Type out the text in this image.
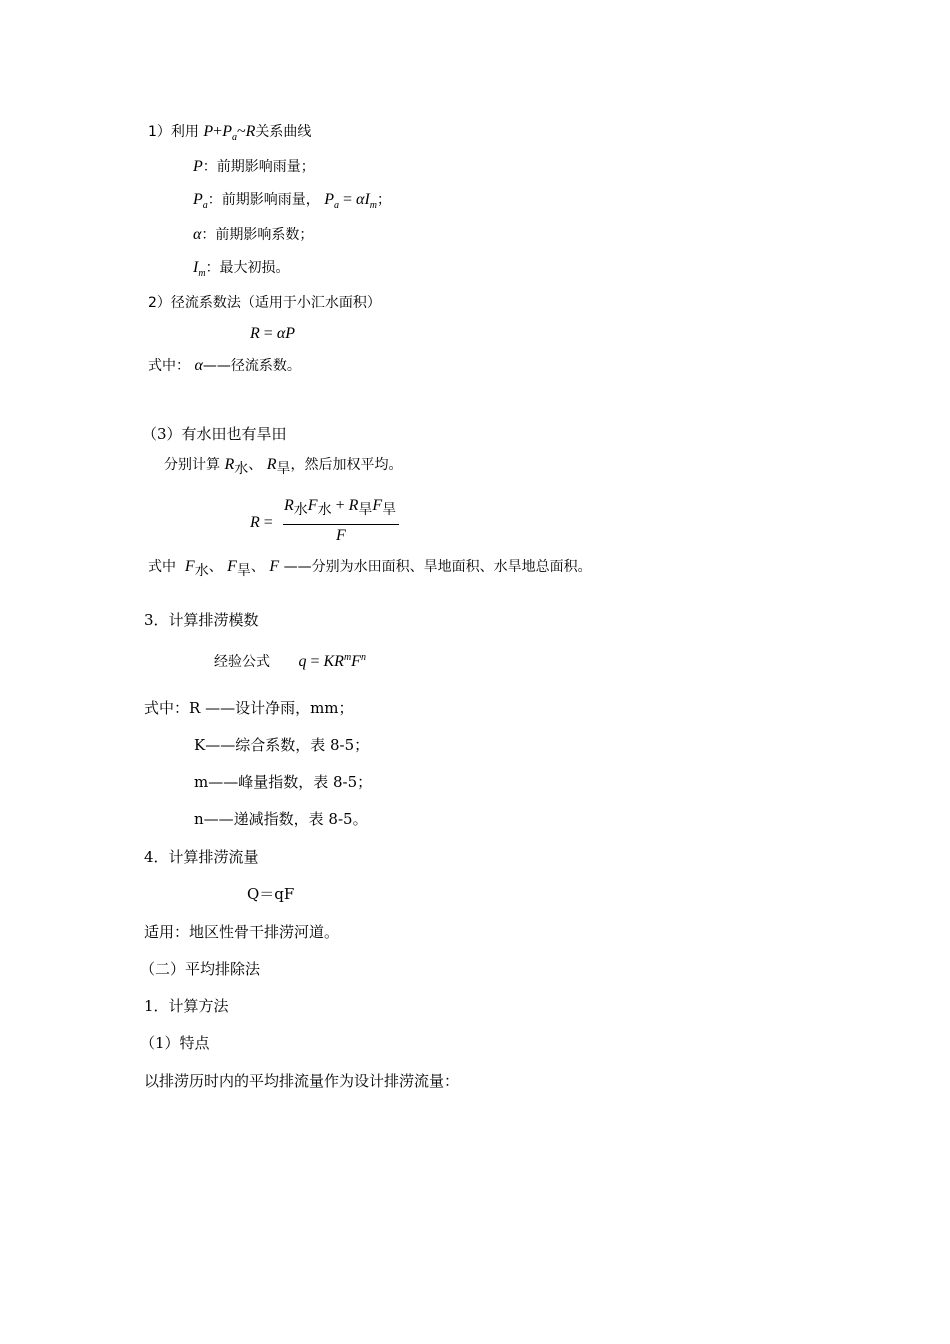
1）利用 $P+P_a\sim R$关系曲线
P：前期影响雨量；
$P_a$：前期影响雨量， $P_a = \alpha I_m$；
α：前期影响系数；
$I_m$：最大初损。
2）径流系数法（适用于小汇水面积）
R = αP
式中： α——径流系数。
（3）有水田也有旱田
分别计算 $R_水$、 $R_旱$，然后加权平均。
R =
$R_水F_水 + R_旱F_旱$
F
式中 $F_水$、 $F_旱$、 F ——分别为水田面积、旱地面积、水旱地总面积。
3．计算排涝模数
经验公式 $q = KR^mF^n$
式中：R ——设计净雨，mm；
K——综合系数，表 8-5；
m——峰量指数，表 8-5；
n——递减指数，表 8-5。
4．计算排涝流量
Q＝qF
适用：地区性骨干排涝河道。
（二）平均排除法
1．计算方法
（1）特点
以排涝历时内的平均排流量作为设计排涝流量：
